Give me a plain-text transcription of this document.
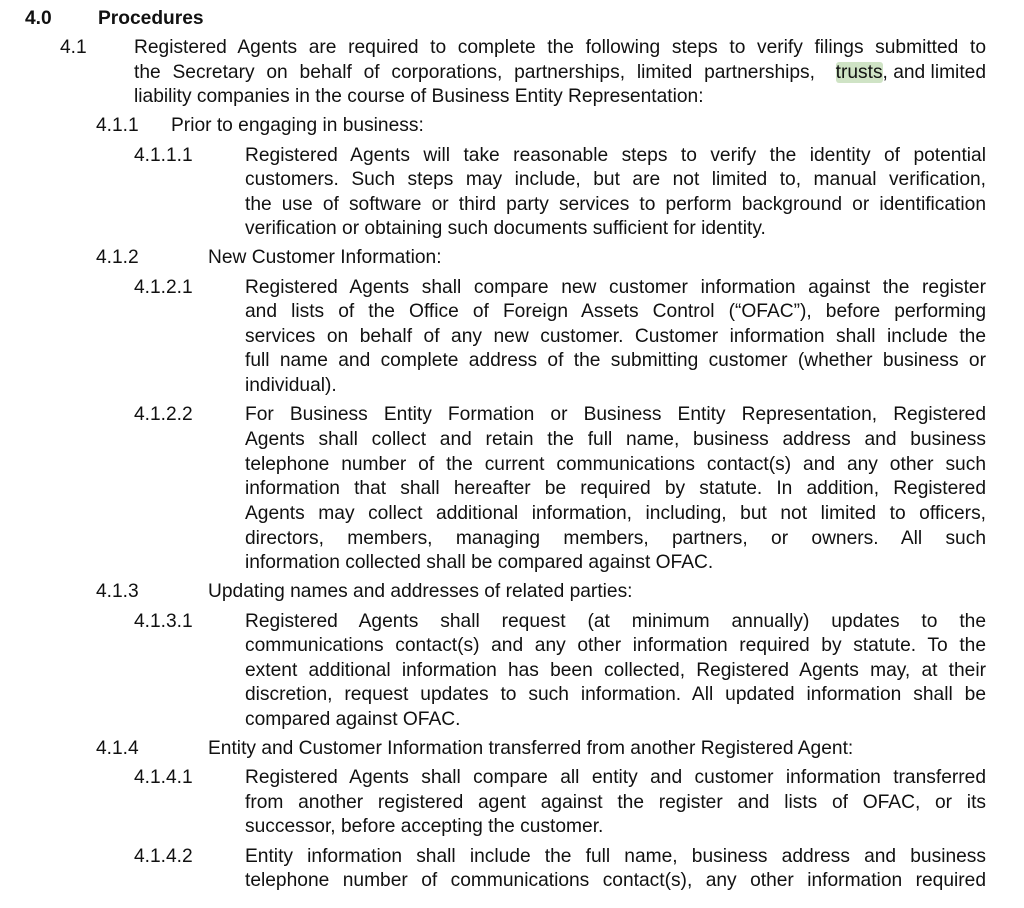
4.0 Procedures
4.1 Registered Agents are required to complete the following steps to verify filings submitted to
the Secretary on behalf of corporations, partnerships, limited partnerships, trusts, and limited
liability companies in the course of Business Entity Representation:
4.1.1 Prior to engaging in business:
4.1.1.1	Registered Agents will take reasonable steps to verify the identity of potential
customers. Such steps may include, but are not limited to, manual verification,
the use of software or third party services to perform background or identification
verification or obtaining such documents sufficient for identity.
4.1.2	New Customer Information:
4.1.2.1	Registered Agents shall compare new customer information against the register
and lists of the Office of Foreign Assets Control (“OFAC”), before performing
services on behalf of any new customer. Customer information shall include the
full name and complete address of the submitting customer (whether business or
individual).
4.1.2.2	For Business Entity Formation or Business Entity Representation, Registered
Agents shall collect and retain the full name, business address and business
telephone number of the current communications contact(s) and any other such
information that shall hereafter be required by statute. In addition, Registered
Agents may collect additional information, including, but not limited to officers,
directors, members, managing members, partners, or owners. All such
information collected shall be compared against OFAC.
4.1.3	Updating names and addresses of related parties:
4.1.3.1	Registered Agents shall request (at minimum annually) updates to the
communications contact(s) and any other information required by statute. To the
extent additional information has been collected, Registered Agents may, at their
discretion, request updates to such information. All updated information shall be
compared against OFAC.
4.1.4	Entity and Customer Information transferred from another Registered Agent:
4.1.4.1	Registered Agents shall compare all entity and customer information transferred
from another registered agent against the register and lists of OFAC, or its
successor, before accepting the customer.
4.1.4.2	Entity information shall include the full name, business address and business
telephone number of communications contact(s), any other information required
